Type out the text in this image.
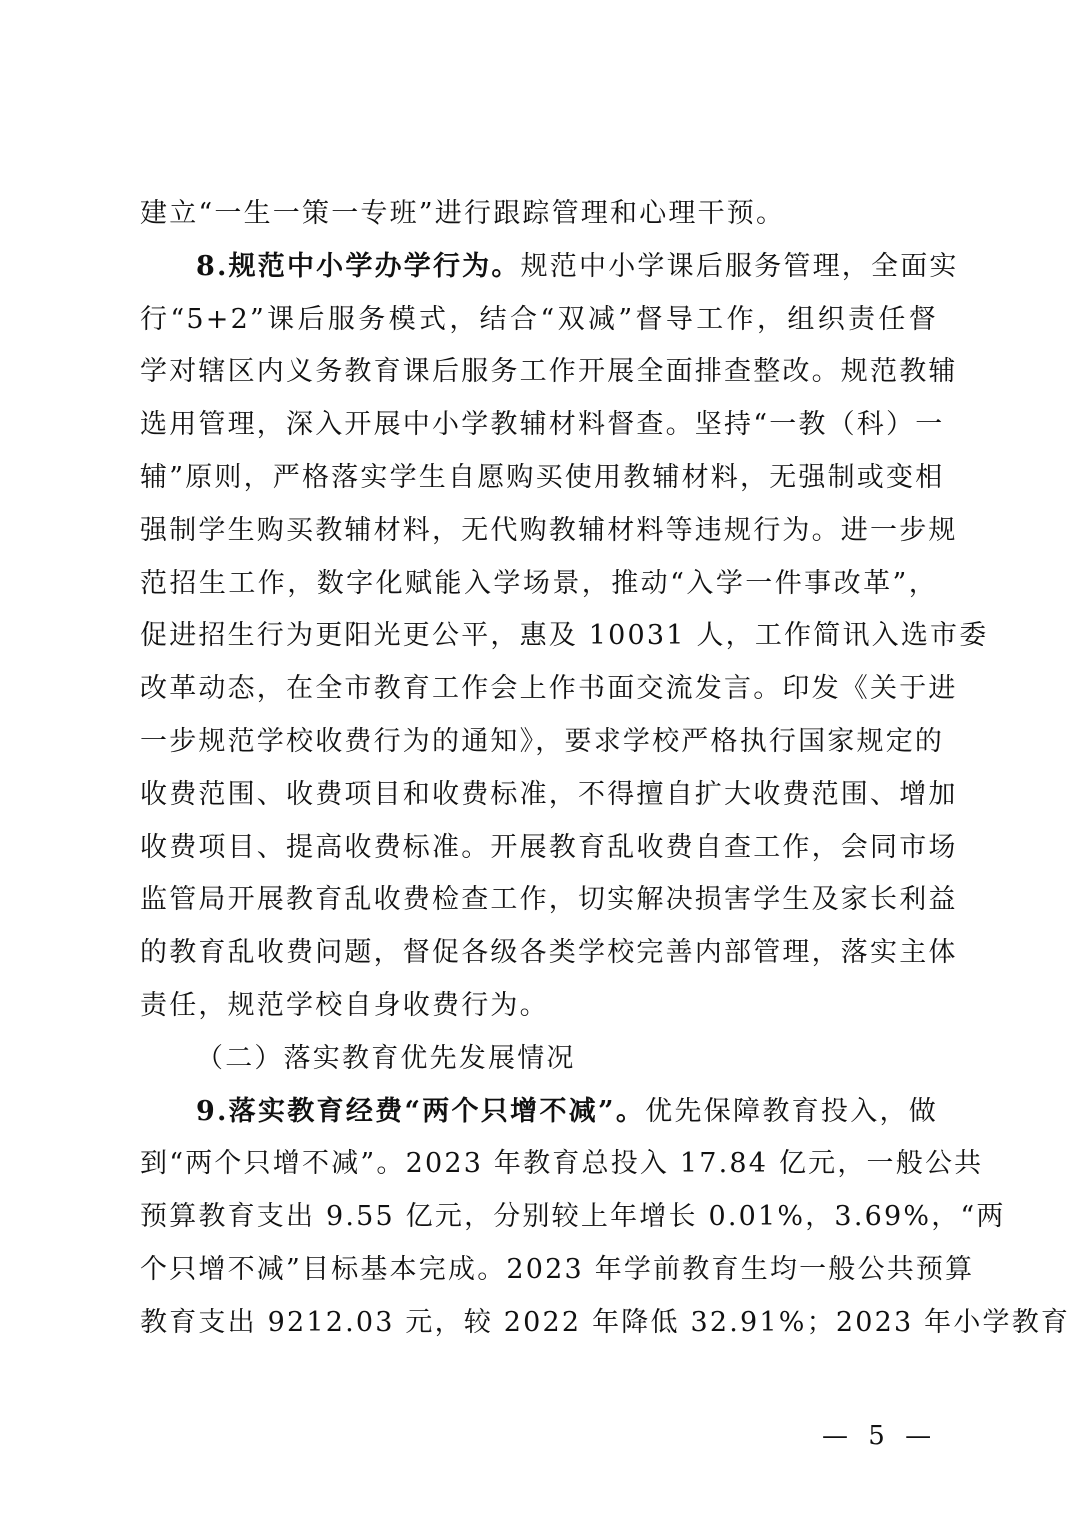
建立“一生一策一专班”进行跟踪管理和心理干预。
8.规范中小学办学行为。规范中小学课后服务管理，全面实
行“5+2”课后服务模式，结合“双减”督导工作，组织责任督
学对辖区内义务教育课后服务工作开展全面排查整改。规范教辅
选用管理，深入开展中小学教辅材料督查。坚持“一教（科）一
辅”原则，严格落实学生自愿购买使用教辅材料，无强制或变相
强制学生购买教辅材料，无代购教辅材料等违规行为。进一步规
范招生工作，数字化赋能入学场景，推动“入学一件事改革”，
促进招生行为更阳光更公平，惠及 10031 人，工作简讯入选市委
改革动态，在全市教育工作会上作书面交流发言。印发《关于进
一步规范学校收费行为的通知》，要求学校严格执行国家规定的
收费范围、收费项目和收费标准，不得擅自扩大收费范围、增加
收费项目、提高收费标准。开展教育乱收费自查工作，会同市场
监管局开展教育乱收费检查工作，切实解决损害学生及家长利益
的教育乱收费问题，督促各级各类学校完善内部管理，落实主体
责任，规范学校自身收费行为。
（二）落实教育优先发展情况
9.落实教育经费“两个只增不减”。优先保障教育投入，做
到“两个只增不减”。2023 年教育总投入 17.84 亿元，一般公共
预算教育支出 9.55 亿元，分别较上年增长 0.01%，3.69%，“两
个只增不减”目标基本完成。2023 年学前教育生均一般公共预算
教育支出 9212.03 元，较 2022 年降低 32.91%；2023 年小学教育
— 5 —
